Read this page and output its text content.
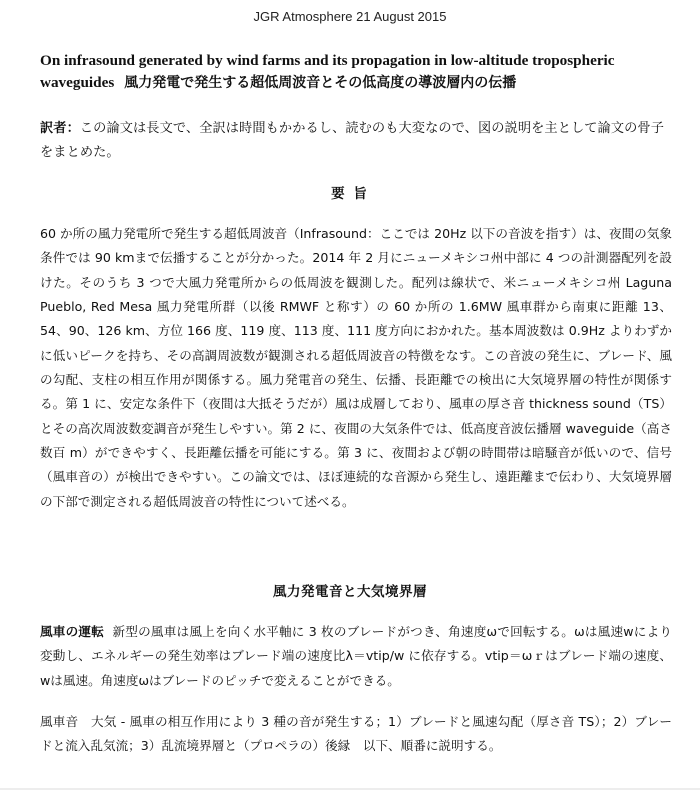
JGR Atmosphere 21 August 2015
On infrasound generated by wind farms and its propagation in low-altitude tropospheric waveguides 風力発電で発生する超低周波音とその低高度の導波層内の伝播
訳者：この論文は長文で、全訳は時間もかかるし、読むのも大変なので、図の説明を主として論文の骨子をまとめた。
要 旨
60 か所の風力発電所で発生する超低周波音（Infrasound：ここでは 20Hz 以下の音波を指す）は、夜間の気象条件では 90 kmまで伝播することが分かった。2014 年 2 月にニューメキシコ州中部に 4 つの計測器配列を設けた。そのうち 3 つで大風力発電所からの低周波を観測した。配列は線状で、米ニューメキシコ州 Laguna Pueblo, Red Mesa 風力発電所群（以後 RMWF と称す）の 60 か所の 1.6MW 風車群から南東に距離 13、54、90、126 km、方位 166 度、119 度、113 度、111 度方向におかれた。基本周波数は 0.9Hz よりわずかに低いピークを持ち、その高調周波数が観測される超低周波音の特徴をなす。この音波の発生に、ブレード、風の勾配、支柱の相互作用が関係する。風力発電音の発生、伝播、長距離での検出に大気境界層の特性が関係する。第 1 に、安定な条件下（夜間は大抵そうだが）風は成層しており、風車の厚さ音 thickness sound（TS）とその高次周波数変調音が発生しやすい。第 2 に、夜間の大気条件では、低高度音波伝播層 waveguide（高さ数百 m）ができやすく、長距離伝播を可能にする。第 3 に、夜間および朝の時間帯は暗騒音が低いので、信号（風車音の）が検出できやすい。この論文では、ほぼ連続的な音源から発生し、遠距離まで伝わり、大気境界層の下部で測定される超低周波音の特性について述べる。
風力発電音と大気境界層
風車の運転 新型の風車は風上を向く水平軸に 3 枚のブレードがつき、角速度ωで回転する。ωは風速wにより変動し、エネルギーの発生効率はブレード端の速度比λ＝vtip/w に依存する。vtip＝ωｒはブレード端の速度、wは風速。角速度ωはブレードのピッチで変えることができる。
風車音　大気 - 風車の相互作用により 3 種の音が発生する；1）ブレードと風速勾配（厚さ音 TS）；2）ブレードと流入乱気流；3）乱流境界層と（プロペラの）後縁　以下、順番に説明する。
